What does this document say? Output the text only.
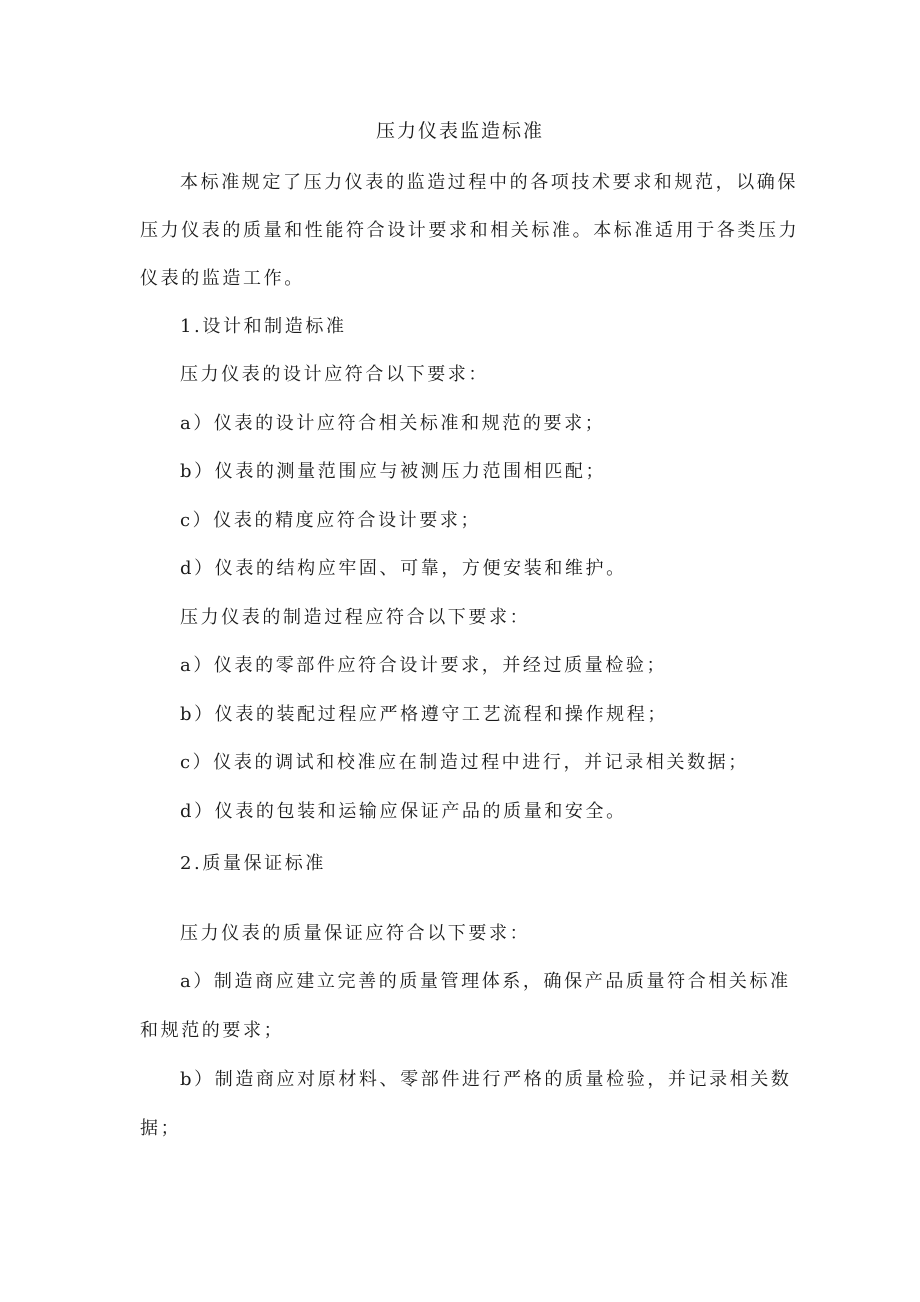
压力仪表监造标准
本标准规定了压力仪表的监造过程中的各项技术要求和规范，以确保
压力仪表的质量和性能符合设计要求和相关标准。本标准适用于各类压力
仪表的监造工作。
1.设计和制造标准
压力仪表的设计应符合以下要求：
a）仪表的设计应符合相关标准和规范的要求；
b）仪表的测量范围应与被测压力范围相匹配；
c）仪表的精度应符合设计要求；
d）仪表的结构应牢固、可靠，方便安装和维护。
压力仪表的制造过程应符合以下要求：
a）仪表的零部件应符合设计要求，并经过质量检验；
b）仪表的装配过程应严格遵守工艺流程和操作规程；
c）仪表的调试和校准应在制造过程中进行，并记录相关数据；
d）仪表的包装和运输应保证产品的质量和安全。
2.质量保证标准
压力仪表的质量保证应符合以下要求：
a）制造商应建立完善的质量管理体系，确保产品质量符合相关标准
和规范的要求；
b）制造商应对原材料、零部件进行严格的质量检验，并记录相关数
据；
